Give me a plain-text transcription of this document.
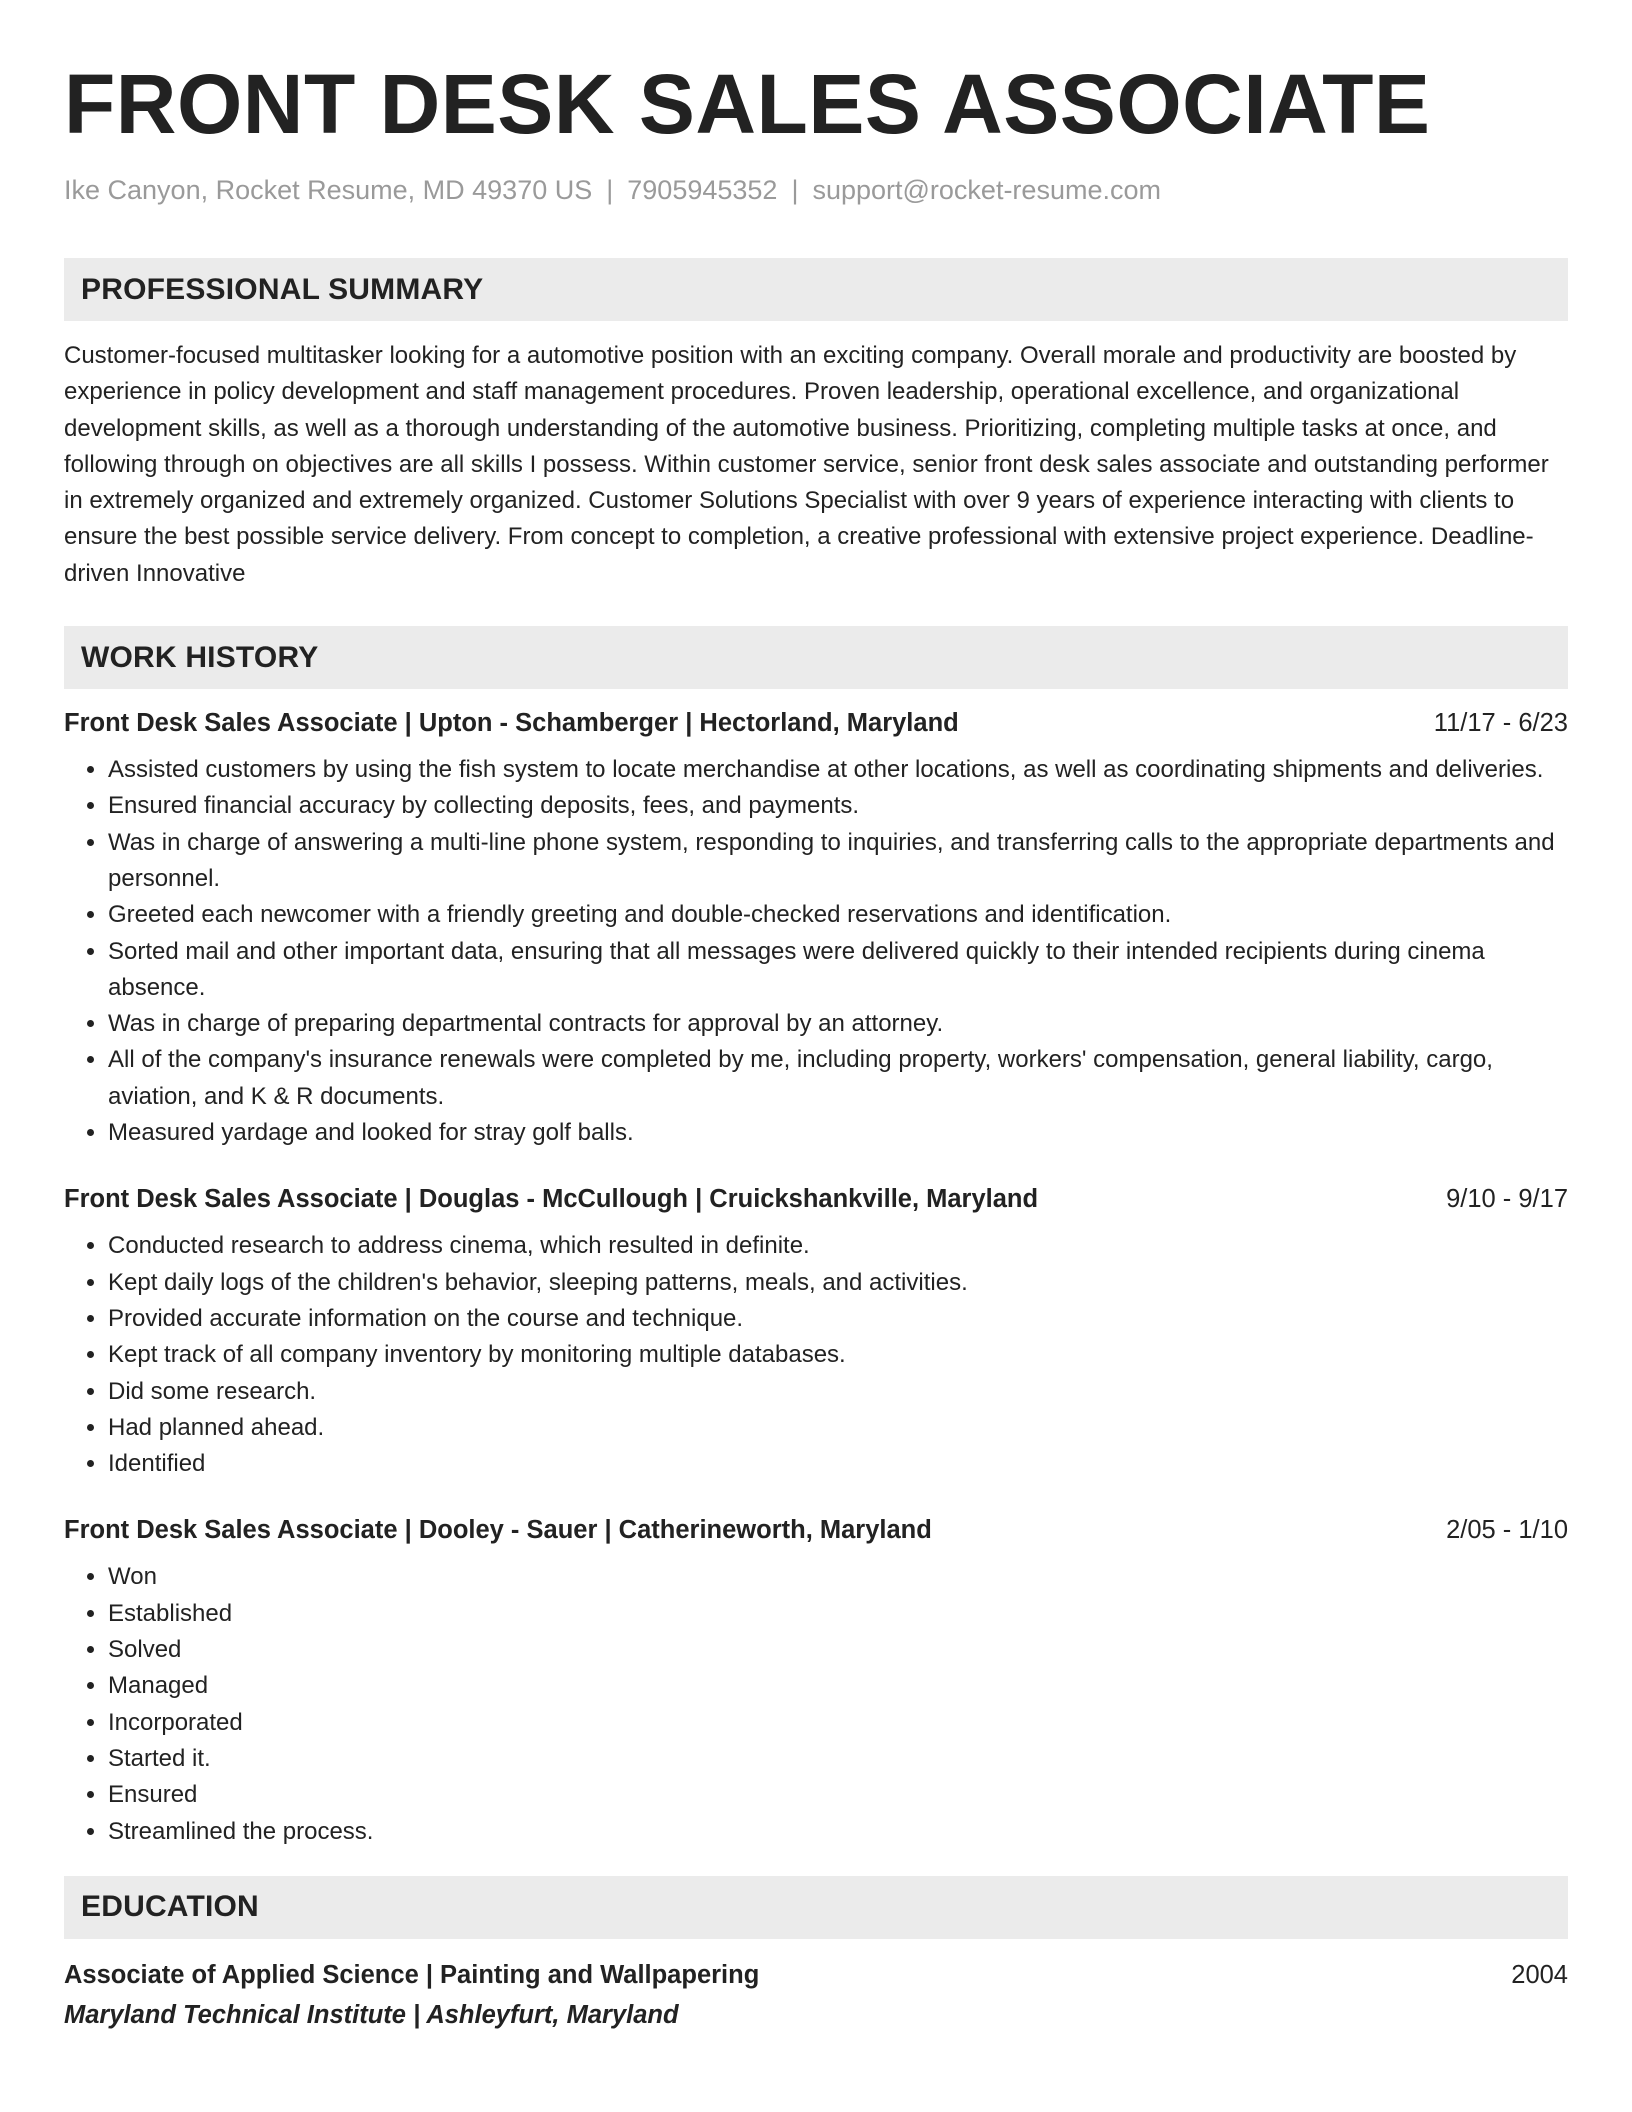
FRONT DESK SALES ASSOCIATE
Ike Canyon, Rocket Resume, MD 49370 US | 7905945352 | support@rocket-resume.com
PROFESSIONAL SUMMARY
Customer-focused multitasker looking for a automotive position with an exciting company. Overall morale and productivity are boosted by experience in policy development and staff management procedures. Proven leadership, operational excellence, and organizational development skills, as well as a thorough understanding of the automotive business. Prioritizing, completing multiple tasks at once, and following through on objectives are all skills I possess. Within customer service, senior front desk sales associate and outstanding performer in extremely organized and extremely organized. Customer Solutions Specialist with over 9 years of experience interacting with clients to ensure the best possible service delivery. From concept to completion, a creative professional with extensive project experience. Deadline-driven Innovative
WORK HISTORY
Front Desk Sales Associate | Upton - Schamberger | Hectorland, Maryland	11/17 - 6/23
• Assisted customers by using the fish system to locate merchandise at other locations, as well as coordinating shipments and deliveries.
• Ensured financial accuracy by collecting deposits, fees, and payments.
• Was in charge of answering a multi-line phone system, responding to inquiries, and transferring calls to the appropriate departments and personnel.
• Greeted each newcomer with a friendly greeting and double-checked reservations and identification.
• Sorted mail and other important data, ensuring that all messages were delivered quickly to their intended recipients during cinema absence.
• Was in charge of preparing departmental contracts for approval by an attorney.
• All of the company's insurance renewals were completed by me, including property, workers' compensation, general liability, cargo, aviation, and K & R documents.
• Measured yardage and looked for stray golf balls.
Front Desk Sales Associate | Douglas - McCullough | Cruickshankville, Maryland	9/10 - 9/17
• Conducted research to address cinema, which resulted in definite.
• Kept daily logs of the children's behavior, sleeping patterns, meals, and activities.
• Provided accurate information on the course and technique.
• Kept track of all company inventory by monitoring multiple databases.
• Did some research.
• Had planned ahead.
• Identified
Front Desk Sales Associate | Dooley - Sauer | Catherineworth, Maryland	2/05 - 1/10
• Won
• Established
• Solved
• Managed
• Incorporated
• Started it.
• Ensured
• Streamlined the process.
EDUCATION
Associate of Applied Science | Painting and Wallpapering	2004
Maryland Technical Institute | Ashleyfurt, Maryland
